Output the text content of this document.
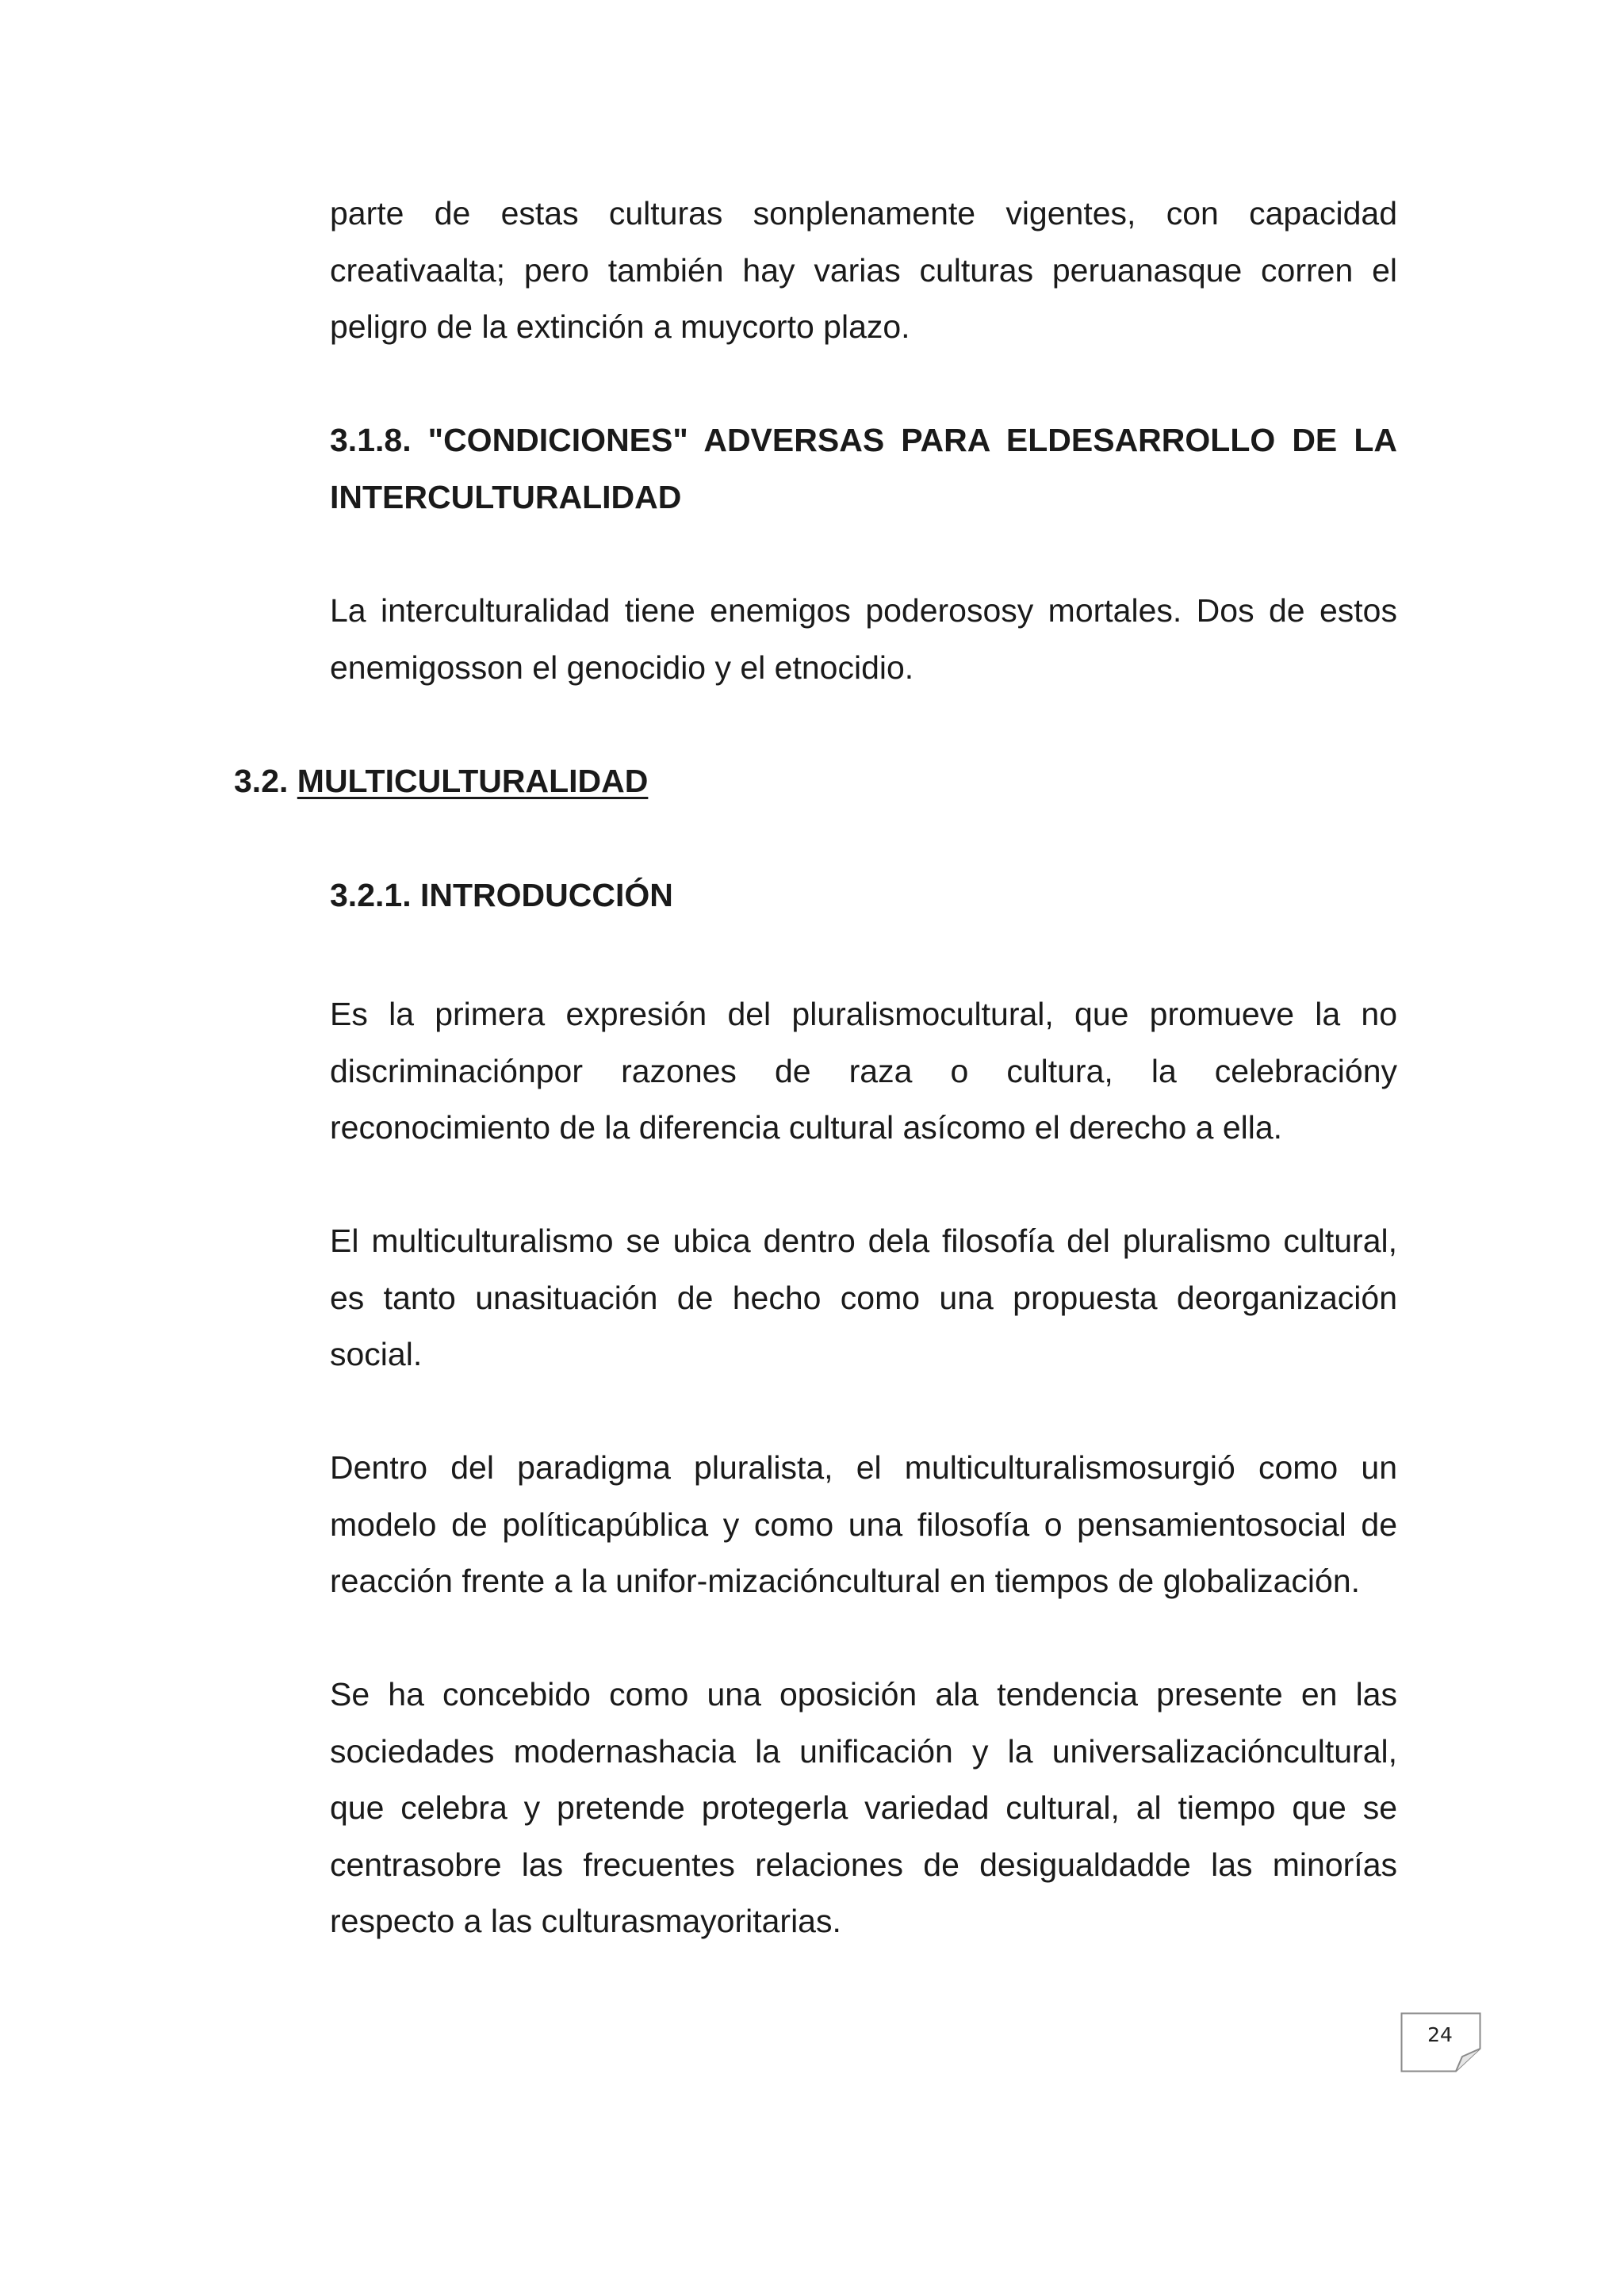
parte de estas culturas sonplenamente vigentes, con capacidad creativaalta; pero también hay varias culturas peruanasque corren el peligro de la extinción a muycorto plazo.

3.1.8. "CONDICIONES" ADVERSAS PARA ELDESARROLLO DE LA INTERCULTURALIDAD

La interculturalidad tiene enemigos poderososy mortales. Dos de estos enemigosson el genocidio y el etnocidio.

3.2. MULTICULTURALIDAD

3.2.1. INTRODUCCIÓN

Es la primera expresión del pluralismocultural, que promueve la no discriminaciónpor razones de raza o cultura, la celebracióny reconocimiento de la diferencia cultural asícomo el derecho a ella.

El multiculturalismo se ubica dentro dela filosofía del pluralismo cultural, es tanto unasituación de hecho como una propuesta deorganización social.

Dentro del paradigma pluralista, el multiculturalismosurgió como un modelo de políticapública y como una filosofía o pensamientosocial de reacción frente a la unifor-mizacióncultural en tiempos de globalización.

Se ha concebido como una oposición ala tendencia presente en las sociedades modernashacia la unificación y la universalizacióncultural, que celebra y pretende protegerla variedad cultural, al tiempo que se centrasobre las frecuentes relaciones de desigualdadde las minorías respecto a las culturasmayoritarias.

24
